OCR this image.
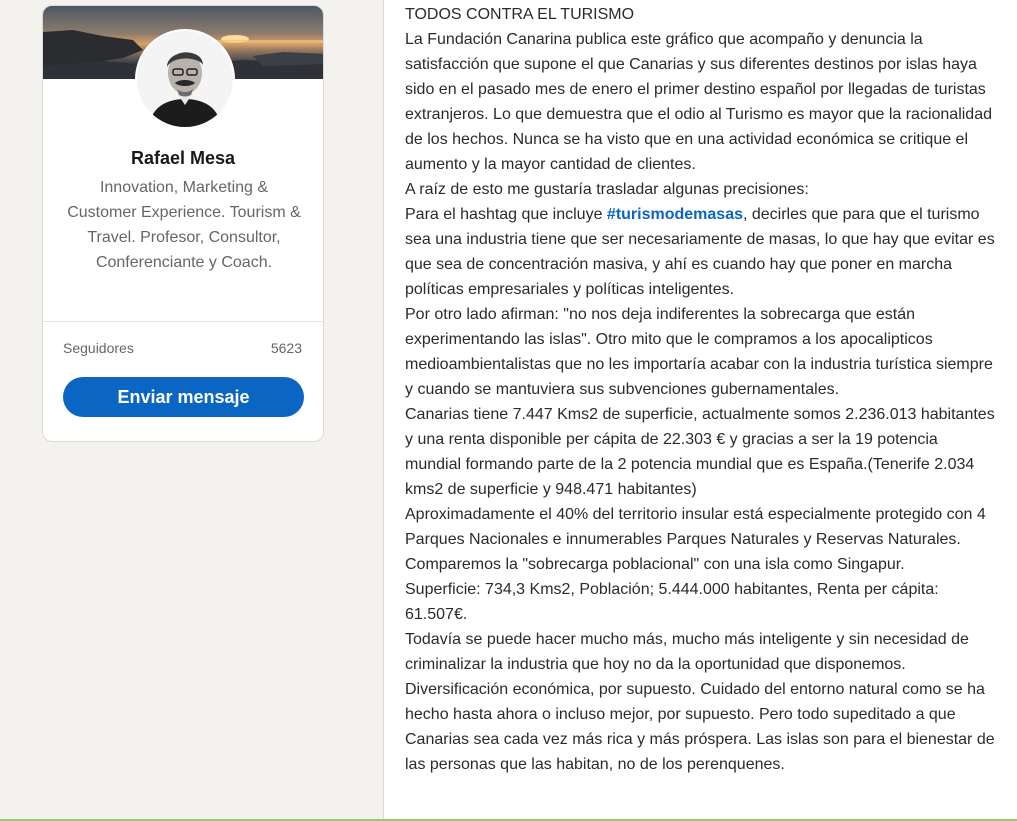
Rafael Mesa
Innovation, Marketing & Customer Experience. Tourism & Travel. Profesor, Consultor, Conferenciante y Coach.
Seguidores	5623
Enviar mensaje

TODOS CONTRA EL TURISMO

La Fundación Canarina publica este gráfico que acompaño y denuncia la satisfacción que supone el que Canarias y sus diferentes destinos por islas haya sido en el pasado mes de enero el primer destino español por llegadas de turistas extranjeros. Lo que demuestra que el odio al Turismo es mayor que la racionalidad de los hechos. Nunca se ha visto que en una actividad económica se critique el aumento y la mayor cantidad de clientes.

A raíz de esto me gustaría trasladar algunas precisiones:

Para el hashtag que incluye #turismodemasas, decirles que para que el turismo sea una industria tiene que ser necesariamente de masas, lo que hay que evitar es que sea de concentración masiva, y ahí es cuando hay que poner en marcha políticas empresariales y políticas inteligentes.

Por otro lado afirman: "no nos deja indiferentes la sobrecarga que están experimentando las islas". Otro mito que le compramos a los apocalipticos medioambientalistas que no les importaría acabar con la industria turística siempre y cuando se mantuviera sus subvenciones gubernamentales.

Canarias tiene 7.447 Kms2 de superficie, actualmente somos 2.236.013 habitantes y una renta disponible per cápita de 22.303 € y gracias a ser la 19 potencia mundial formando parte de la 2 potencia mundial que es España.(Tenerife 2.034 kms2 de superficie y 948.471 habitantes)

Aproximadamente el 40% del territorio insular está especialmente protegido con 4 Parques Nacionales e innumerables Parques Naturales y Reservas Naturales.

Comparemos la "sobrecarga poblacional" con una isla como Singapur.

Superficie: 734,3 Kms2, Población; 5.444.000 habitantes, Renta per cápita: 61.507€.

Todavía se puede hacer mucho más, mucho más inteligente y sin necesidad de criminalizar la industria que hoy no da la oportunidad que disponemos.

Diversificación económica, por supuesto. Cuidado del entorno natural como se ha hecho hasta ahora o incluso mejor, por supuesto. Pero todo supeditado a que Canarias sea cada vez más rica y más próspera. Las islas son para el bienestar de las personas que las habitan, no de los perenquenes.
